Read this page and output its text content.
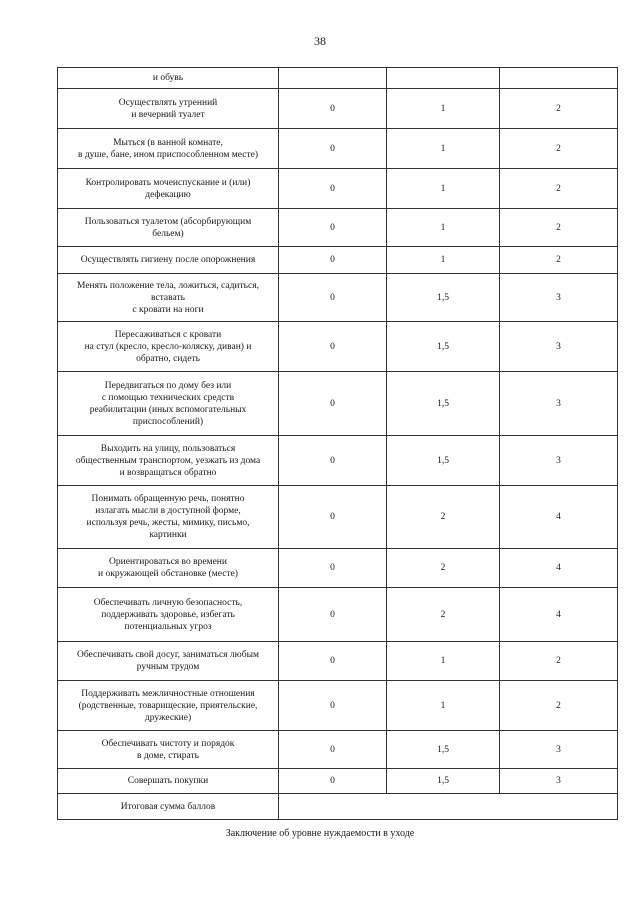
38
и обувь			
Осуществлять утренний
и вечерний туалет	0	1	2
Мыться (в ванной комнате,
в душе, бане, ином приспособленном месте)	0	1	2
Контролировать мочеиспускание и (или)
дефекацию	0	1	2
Пользоваться туалетом (абсорбирующим
бельем)	0	1	2
Осуществлять гигиену после опорожнения	0	1	2
Менять положение тела, ложиться, садиться,
вставать
с кровати на ноги	0	1,5	3
Пересаживаться с кровати
на стул (кресло, кресло-коляску, диван) и
обратно, сидеть	0	1,5	3
Передвигаться по дому без или
с помощью технических средств
реабилитации (иных вспомогательных
приспособлений)	0	1,5	3
Выходить на улицу, пользоваться
общественным транспортом, уезжать из дома
и возвращаться обратно	0	1,5	3
Понимать обращенную речь, понятно
излагать мысли в доступной форме,
используя речь, жесты, мимику, письмо,
картинки	0	2	4
Ориентироваться во времени
и окружающей обстановке (месте)	0	2	4
Обеспечивать личную безопасность,
поддерживать здоровье, избегать
потенциальных угроз	0	2	4
Обеспечивать свой досуг, заниматься любым
ручным трудом	0	1	2
Поддерживать межличностные отношения
(родственные, товарищеские, приятельские,
дружеские)	0	1	2
Обеспечивать чистоту и порядок
в доме, стирать	0	1,5	3
Совершать покупки	0	1,5	3
Итоговая сумма баллов			
Заключение об уровне нуждаемости в уходе
